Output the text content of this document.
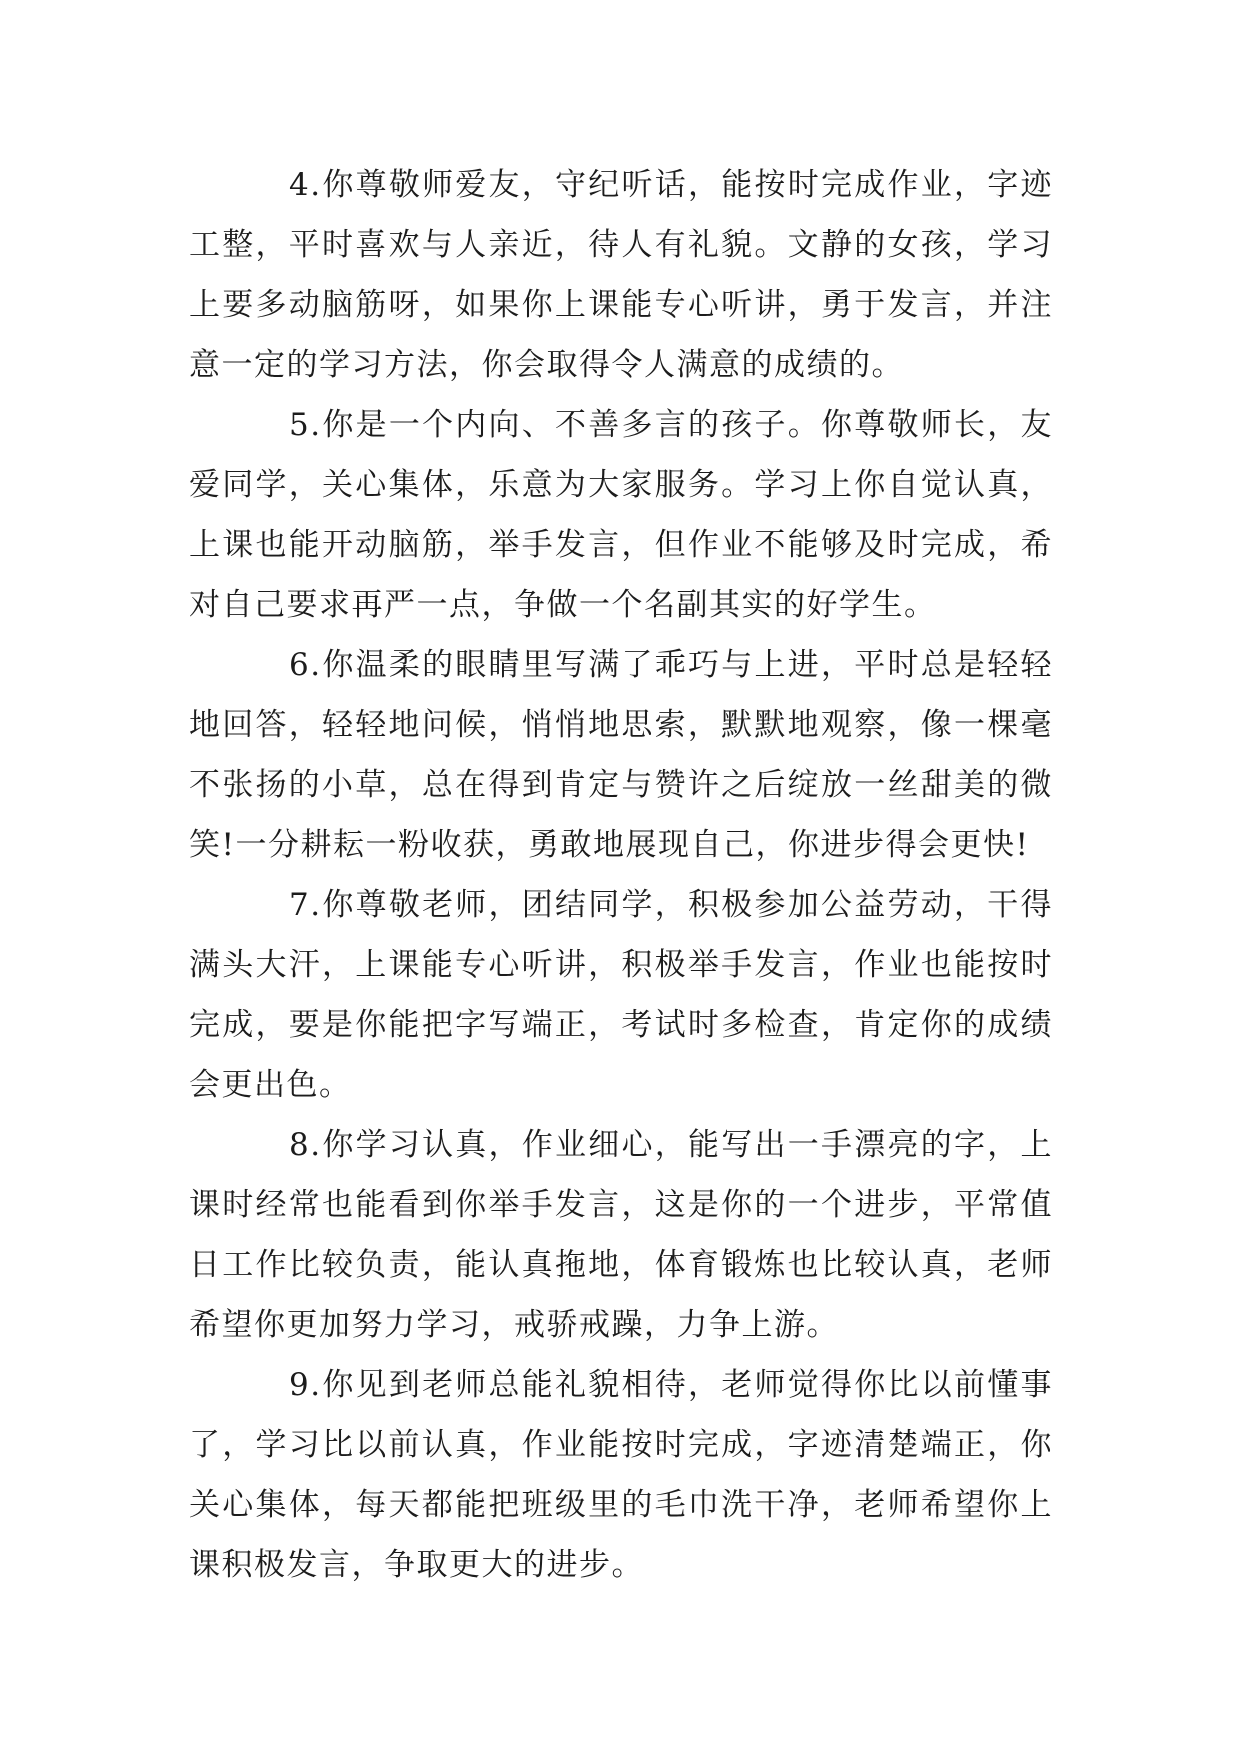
4.你尊敬师爱友，守纪听话，能按时完成作业，字迹工整，平时喜欢与人亲近，待人有礼貌。文静的女孩，学习上要多动脑筋呀，如果你上课能专心听讲，勇于发言，并注意一定的学习方法，你会取得令人满意的成绩的。

5.你是一个内向、不善多言的孩子。你尊敬师长，友爱同学，关心集体，乐意为大家服务。学习上你自觉认真，上课也能开动脑筋，举手发言，但作业不能够及时完成，希对自己要求再严一点，争做一个名副其实的好学生。

6.你温柔的眼睛里写满了乖巧与上进，平时总是轻轻地回答，轻轻地问候，悄悄地思索，默默地观察，像一棵毫不张扬的小草，总在得到肯定与赞许之后绽放一丝甜美的微笑!一分耕耘一粉收获，勇敢地展现自己，你进步得会更快!

7.你尊敬老师，团结同学，积极参加公益劳动，干得满头大汗，上课能专心听讲，积极举手发言，作业也能按时完成，要是你能把字写端正，考试时多检查，肯定你的成绩会更出色。

8.你学习认真，作业细心，能写出一手漂亮的字，上课时经常也能看到你举手发言，这是你的一个进步，平常值日工作比较负责，能认真拖地，体育锻炼也比较认真，老师希望你更加努力学习，戒骄戒躁，力争上游。

9.你见到老师总能礼貌相待，老师觉得你比以前懂事了，学习比以前认真，作业能按时完成，字迹清楚端正，你关心集体，每天都能把班级里的毛巾洗干净，老师希望你上课积极发言，争取更大的进步。
